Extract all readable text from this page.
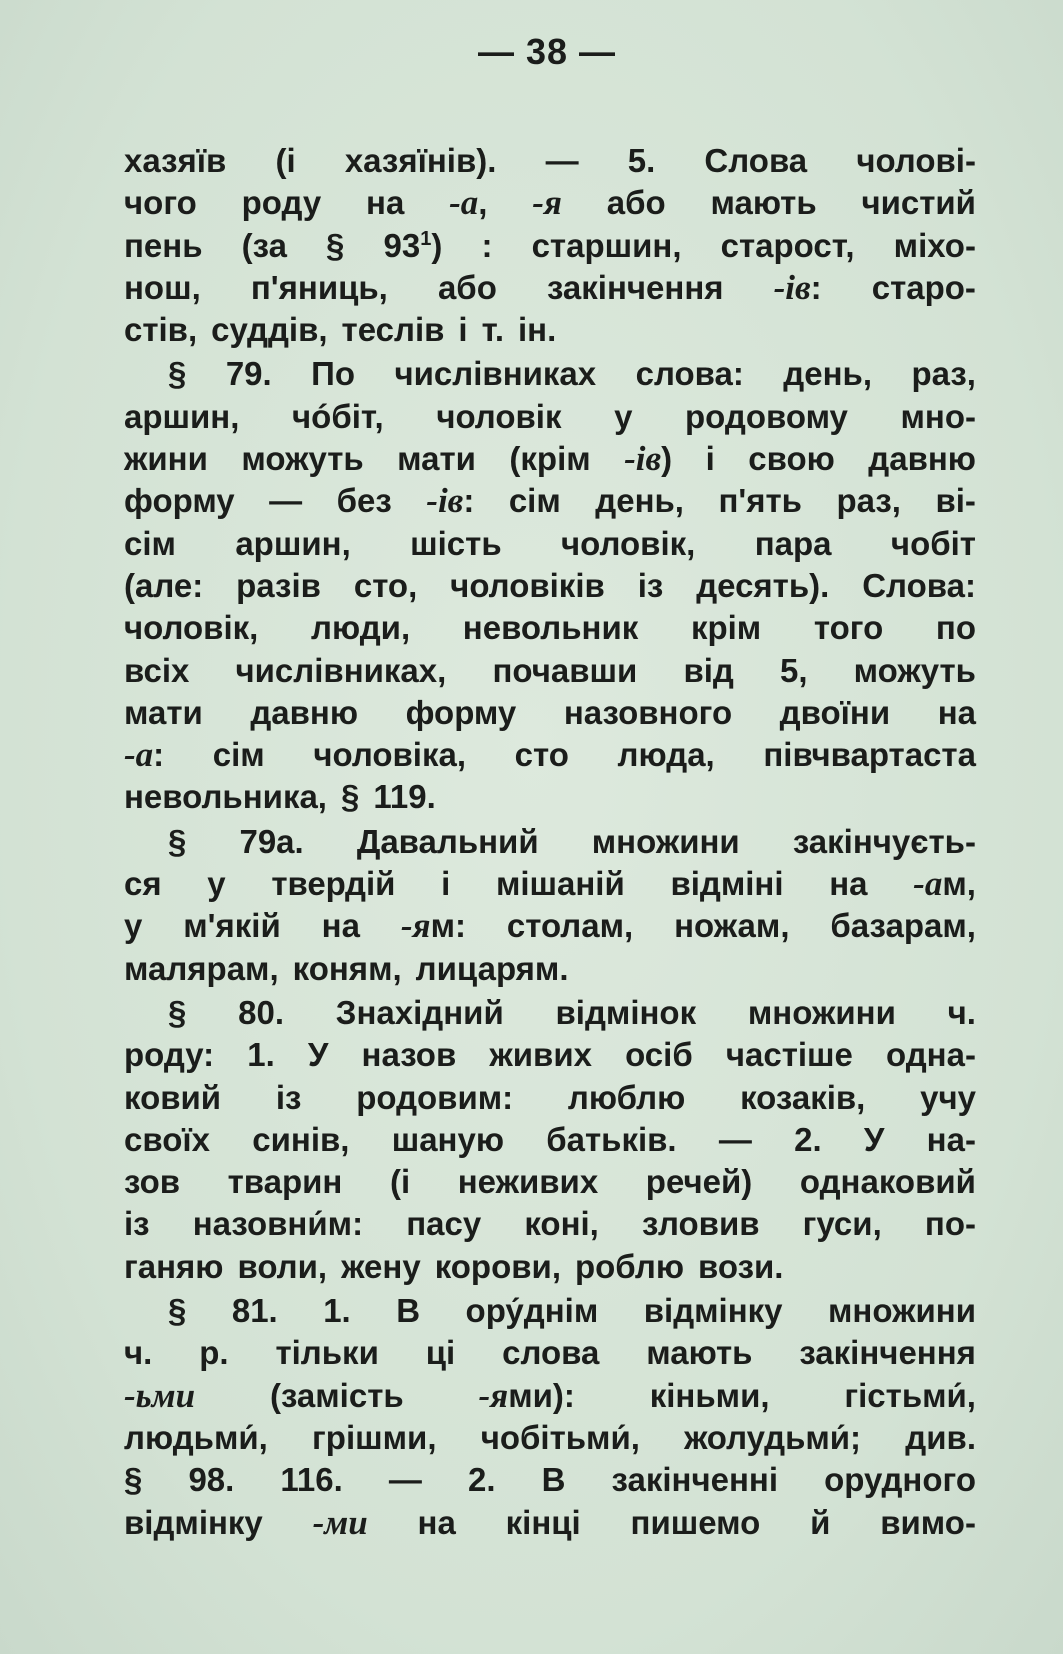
— 38 —
хазяїв (і хазяїнів). — 5. Слова чолові-
чого роду на -а, -я або мають чистий
пень (за § $93^1$) : старшин, старост, міхо-
нош, п'яниць, або закінчення -ів: старо-
стів, суддів, теслів і т. ін.
§ 79. По числівниках слова: день, раз,
аршин, чóбіт, чоловік у родовому мно-
жини можуть мати (крім -ів) і свою давню
форму — без -ів: сім день, п'ять раз, ві-
сім аршин, шість чоловік, пара чобіт
(але: разів сто, чоловіків із десять). Слова:
чоловік, люди, невольник крім того по
всіх числівниках, почавши від 5, можуть
мати давню форму назовного двоїни на
-а: сім чоловіка, сто люда, півчвартаста
невольника, § 119.
§ 79а. Давальний множини закінчуєть-
ся у твердій і мішаній відміні на -ам,
у м'якій на -ям: столам, ножам, базарам,
малярам, коням, лицарям.
§ 80. Знахідний відмінок множини ч.
роду: 1. У назов живих осіб частіше одна-
ковий із родовим: люблю козаків, учу
своїх синів, шаную батьків. — 2. У на-
зов тварин (і неживих речей) однаковий
із назовни́м: пасу коні, зловив гуси, по-
ганяю воли, жену корови, роблю вози.
§ 81. 1. В ору́днім відмінку множини
ч. р. тільки ці слова мають закінчення
-ьми (замість -ями): кіньми, гістьми́,
людьми́, грішми, чобітьми́, жолудьми́; див.
§ 98. 116. — 2. В закінченні орудного
відмінку -ми на кінці пишемо й вимо-
